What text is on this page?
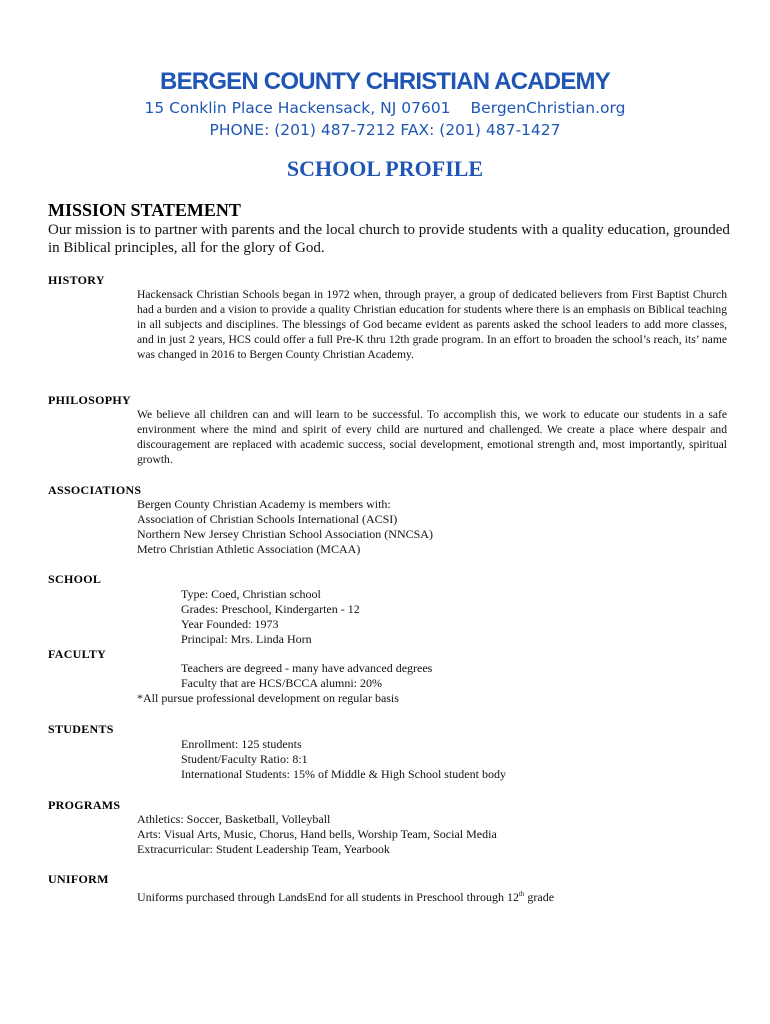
BERGEN COUNTY CHRISTIAN ACADEMY
15 Conklin Place Hackensack, NJ 07601 BergenChristian.org
PHONE: (201) 487-7212 FAX: (201) 487-1427
SCHOOL PROFILE
MISSION STATEMENT
Our mission is to partner with parents and the local church to provide students with a quality education, grounded in Biblical principles, all for the glory of God.
HISTORY
Hackensack Christian Schools began in 1972 when, through prayer, a group of dedicated believers from First Baptist Church had a burden and a vision to provide a quality Christian education for students where there is an emphasis on Biblical teaching in all subjects and disciplines. The blessings of God became evident as parents asked the school leaders to add more classes, and in just 2 years, HCS could offer a full Pre-K thru 12th grade program. In an effort to broaden the school’s reach, its’ name was changed in 2016 to Bergen County Christian Academy.
PHILOSOPHY
We believe all children can and will learn to be successful. To accomplish this, we work to educate our students in a safe environment where the mind and spirit of every child are nurtured and challenged. We create a place where despair and discouragement are replaced with academic success, social development, emotional strength and, most importantly, spiritual growth.
ASSOCIATIONS
Bergen County Christian Academy is members with:
Association of Christian Schools International (ACSI)
Northern New Jersey Christian School Association (NNCSA)
Metro Christian Athletic Association (MCAA)
SCHOOL
Type: Coed, Christian school
Grades: Preschool, Kindergarten - 12
Year Founded: 1973
Principal: Mrs. Linda Horn
FACULTY
Teachers are degreed - many have advanced degrees
Faculty that are HCS/BCCA alumni: 20%
*All pursue professional development on regular basis
STUDENTS
Enrollment: 125 students
Student/Faculty Ratio: 8:1
International Students: 15% of Middle & High School student body
PROGRAMS
Athletics: Soccer, Basketball, Volleyball
Arts: Visual Arts, Music, Chorus, Hand bells, Worship Team, Social Media
Extracurricular: Student Leadership Team, Yearbook
UNIFORM
Uniforms purchased through LandsEnd for all students in Preschool through 12th grade
